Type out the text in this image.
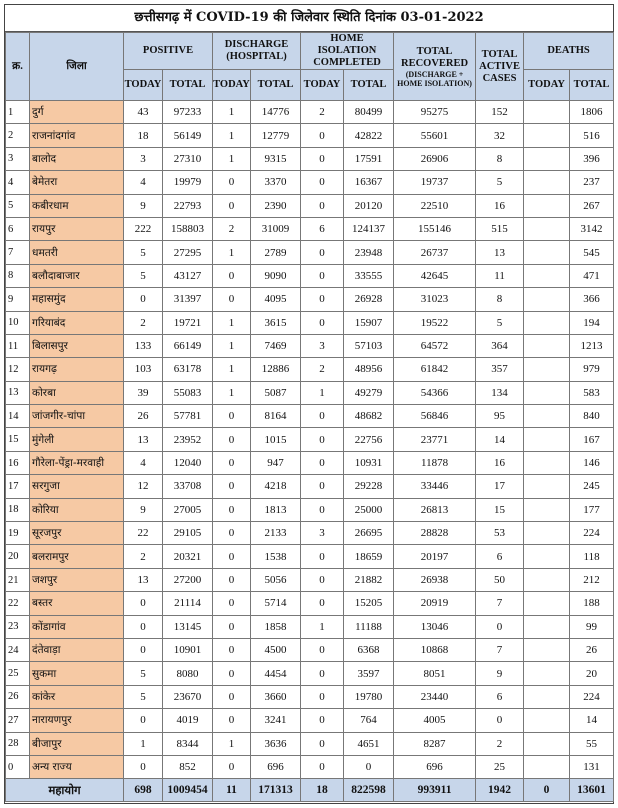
छत्तीसगढ़ में COVID-19 की जिलेवार स्थिति दिनांक 03-01-2022
क्र.	जिला	POSITIVE		DISCHARGE (HOSPITAL)		HOME ISOLATION COMPLETED		TOTAL RECOVERED
(DISCHARGE + HOME ISOLATION)	TOTAL ACTIVE CASES	DEATHS	
		TODAY	TOTAL	TODAY	TOTAL	TODAY	TOTAL			TODAY	TOTAL
1	दुर्ग	43	97233	1	14776	2	80499	95275	152		1806
2	राजनांदगांव	18	56149	1	12779	0	42822	55601	32		516
3	बालोद	3	27310	1	9315	0	17591	26906	8		396
4	बेमेतरा	4	19979	0	3370	0	16367	19737	5		237
5	कबीरधाम	9	22793	0	2390	0	20120	22510	16		267
6	रायपुर	222	158803	2	31009	6	124137	155146	515		3142
7	धमतरी	5	27295	1	2789	0	23948	26737	13		545
8	बलौदाबाजार	5	43127	0	9090	0	33555	42645	11		471
9	महासमुंद	0	31397	0	4095	0	26928	31023	8		366
10	गरियाबंद	2	19721	1	3615	0	15907	19522	5		194
11	बिलासपुर	133	66149	1	7469	3	57103	64572	364		1213
12	रायगढ़	103	63178	1	12886	2	48956	61842	357		979
13	कोरबा	39	55083	1	5087	1	49279	54366	134		583
14	जांजगीर-चांपा	26	57781	0	8164	0	48682	56846	95		840
15	मुंगेली	13	23952	0	1015	0	22756	23771	14		167
16	गौरेला-पेंड्रा-मरवाही	4	12040	0	947	0	10931	11878	16		146
17	सरगुजा	12	33708	0	4218	0	29228	33446	17		245
18	कोरिया	9	27005	0	1813	0	25000	26813	15		177
19	सूरजपुर	22	29105	0	2133	3	26695	28828	53		224
20	बलरामपुर	2	20321	0	1538	0	18659	20197	6		118
21	जशपुर	13	27200	0	5056	0	21882	26938	50		212
22	बस्तर	0	21114	0	5714	0	15205	20919	7		188
23	कोंडागांव	0	13145	0	1858	1	11188	13046	0		99
24	दंतेवाड़ा	0	10901	0	4500	0	6368	10868	7		26
25	सुकमा	5	8080	0	4454	0	3597	8051	9		20
26	कांकेर	5	23670	0	3660	0	19780	23440	6		224
27	नारायणपुर	0	4019	0	3241	0	764	4005	0		14
28	बीजापुर	1	8344	1	3636	0	4651	8287	2		55
0	अन्य राज्य	0	852	0	696	0	0	696	25		131
महायोग		698	1009454	11	171313	18	822598	993911	1942	0	13601
